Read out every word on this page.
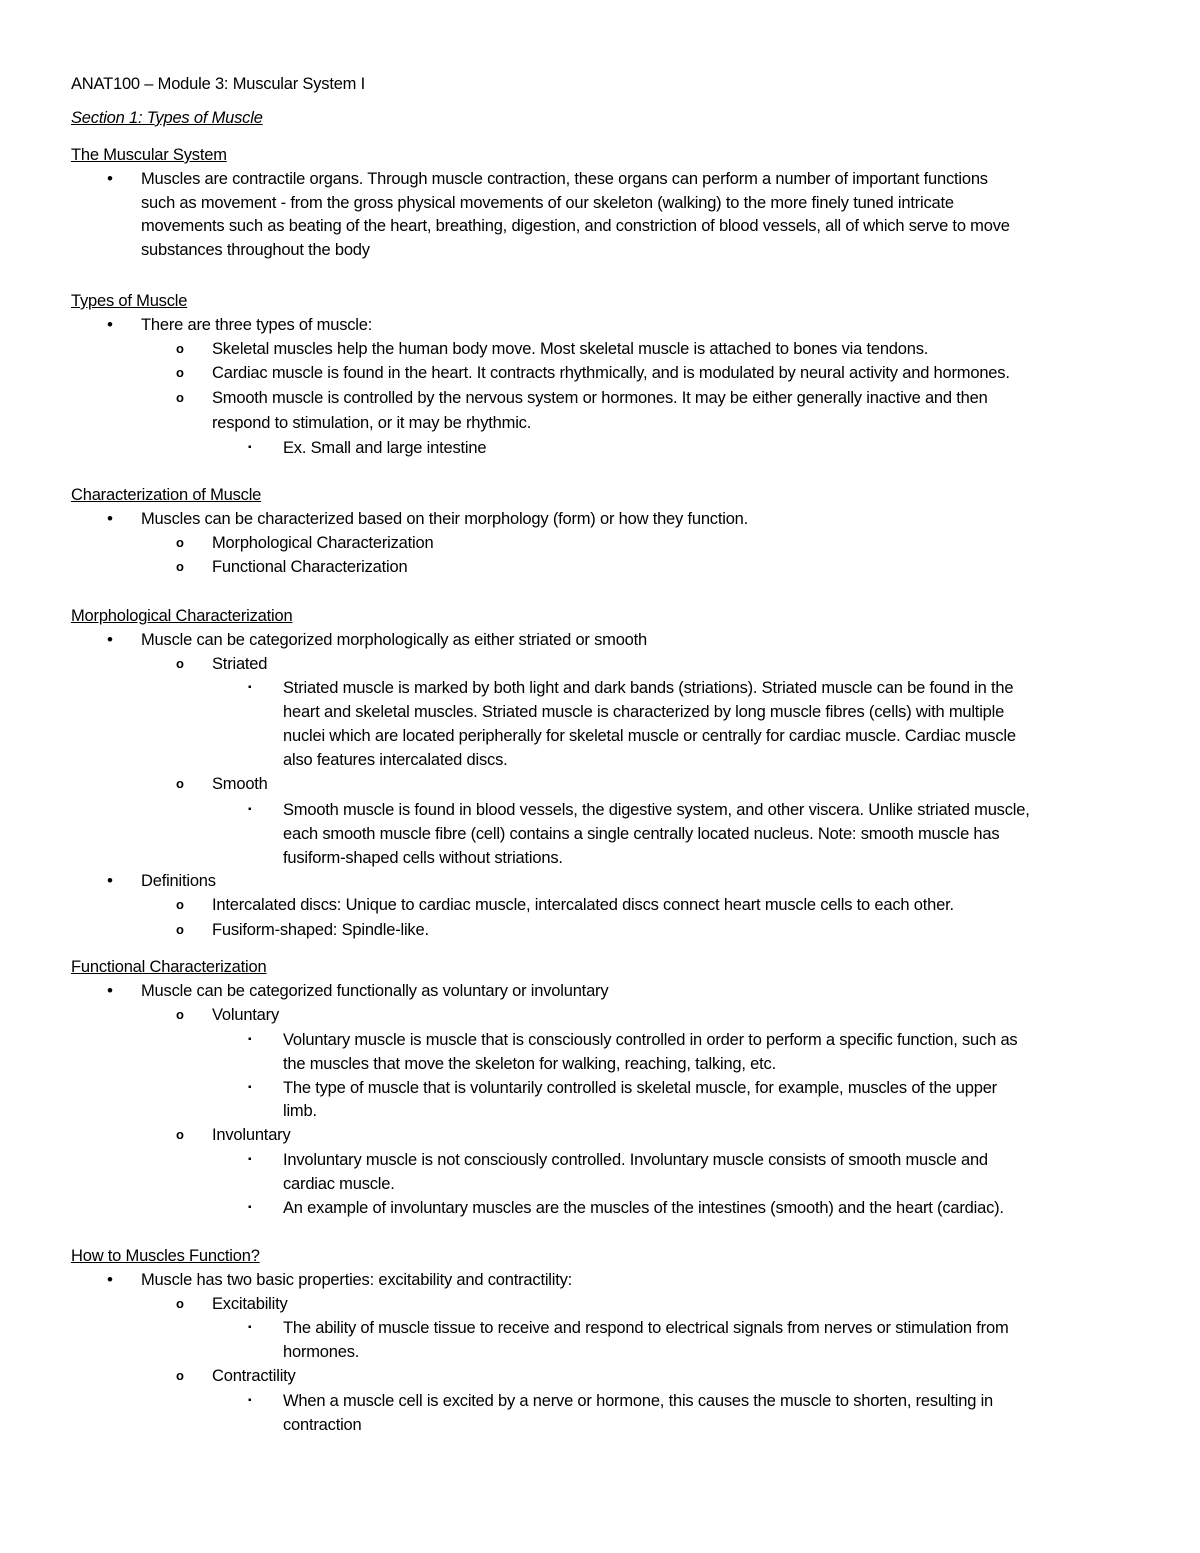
ANAT100 – Module 3: Muscular System I
Section 1: Types of Muscle
The Muscular System
• Muscles are contractile organs. Through muscle contraction, these organs can perform a number of important functions
such as movement - from the gross physical movements of our skeleton (walking) to the more finely tuned intricate
movements such as beating of the heart, breathing, digestion, and constriction of blood vessels, all of which serve to move
substances throughout the body
Types of Muscle
• There are three types of muscle:
o Skeletal muscles help the human body move. Most skeletal muscle is attached to bones via tendons.
o Cardiac muscle is found in the heart. It contracts rhythmically, and is modulated by neural activity and hormones.
o Smooth muscle is controlled by the nervous system or hormones. It may be either generally inactive and then
respond to stimulation, or it may be rhythmic.
▪ Ex. Small and large intestine
Characterization of Muscle
• Muscles can be characterized based on their morphology (form) or how they function.
o Morphological Characterization
o Functional Characterization
Morphological Characterization
• Muscle can be categorized morphologically as either striated or smooth
o Striated
▪ Striated muscle is marked by both light and dark bands (striations). Striated muscle can be found in the
heart and skeletal muscles. Striated muscle is characterized by long muscle fibres (cells) with multiple
nuclei which are located peripherally for skeletal muscle or centrally for cardiac muscle. Cardiac muscle
also features intercalated discs.
o Smooth
▪ Smooth muscle is found in blood vessels, the digestive system, and other viscera. Unlike striated muscle,
each smooth muscle fibre (cell) contains a single centrally located nucleus. Note: smooth muscle has
fusiform-shaped cells without striations.
• Definitions
o Intercalated discs: Unique to cardiac muscle, intercalated discs connect heart muscle cells to each other.
o Fusiform-shaped: Spindle-like.
Functional Characterization
• Muscle can be categorized functionally as voluntary or involuntary
o Voluntary
▪ Voluntary muscle is muscle that is consciously controlled in order to perform a specific function, such as
the muscles that move the skeleton for walking, reaching, talking, etc.
▪ The type of muscle that is voluntarily controlled is skeletal muscle, for example, muscles of the upper
limb.
o Involuntary
▪ Involuntary muscle is not consciously controlled. Involuntary muscle consists of smooth muscle and
cardiac muscle.
▪ An example of involuntary muscles are the muscles of the intestines (smooth) and the heart (cardiac).
How to Muscles Function?
• Muscle has two basic properties: excitability and contractility:
o Excitability
▪ The ability of muscle tissue to receive and respond to electrical signals from nerves or stimulation from
hormones.
o Contractility
▪ When a muscle cell is excited by a nerve or hormone, this causes the muscle to shorten, resulting in
contraction
